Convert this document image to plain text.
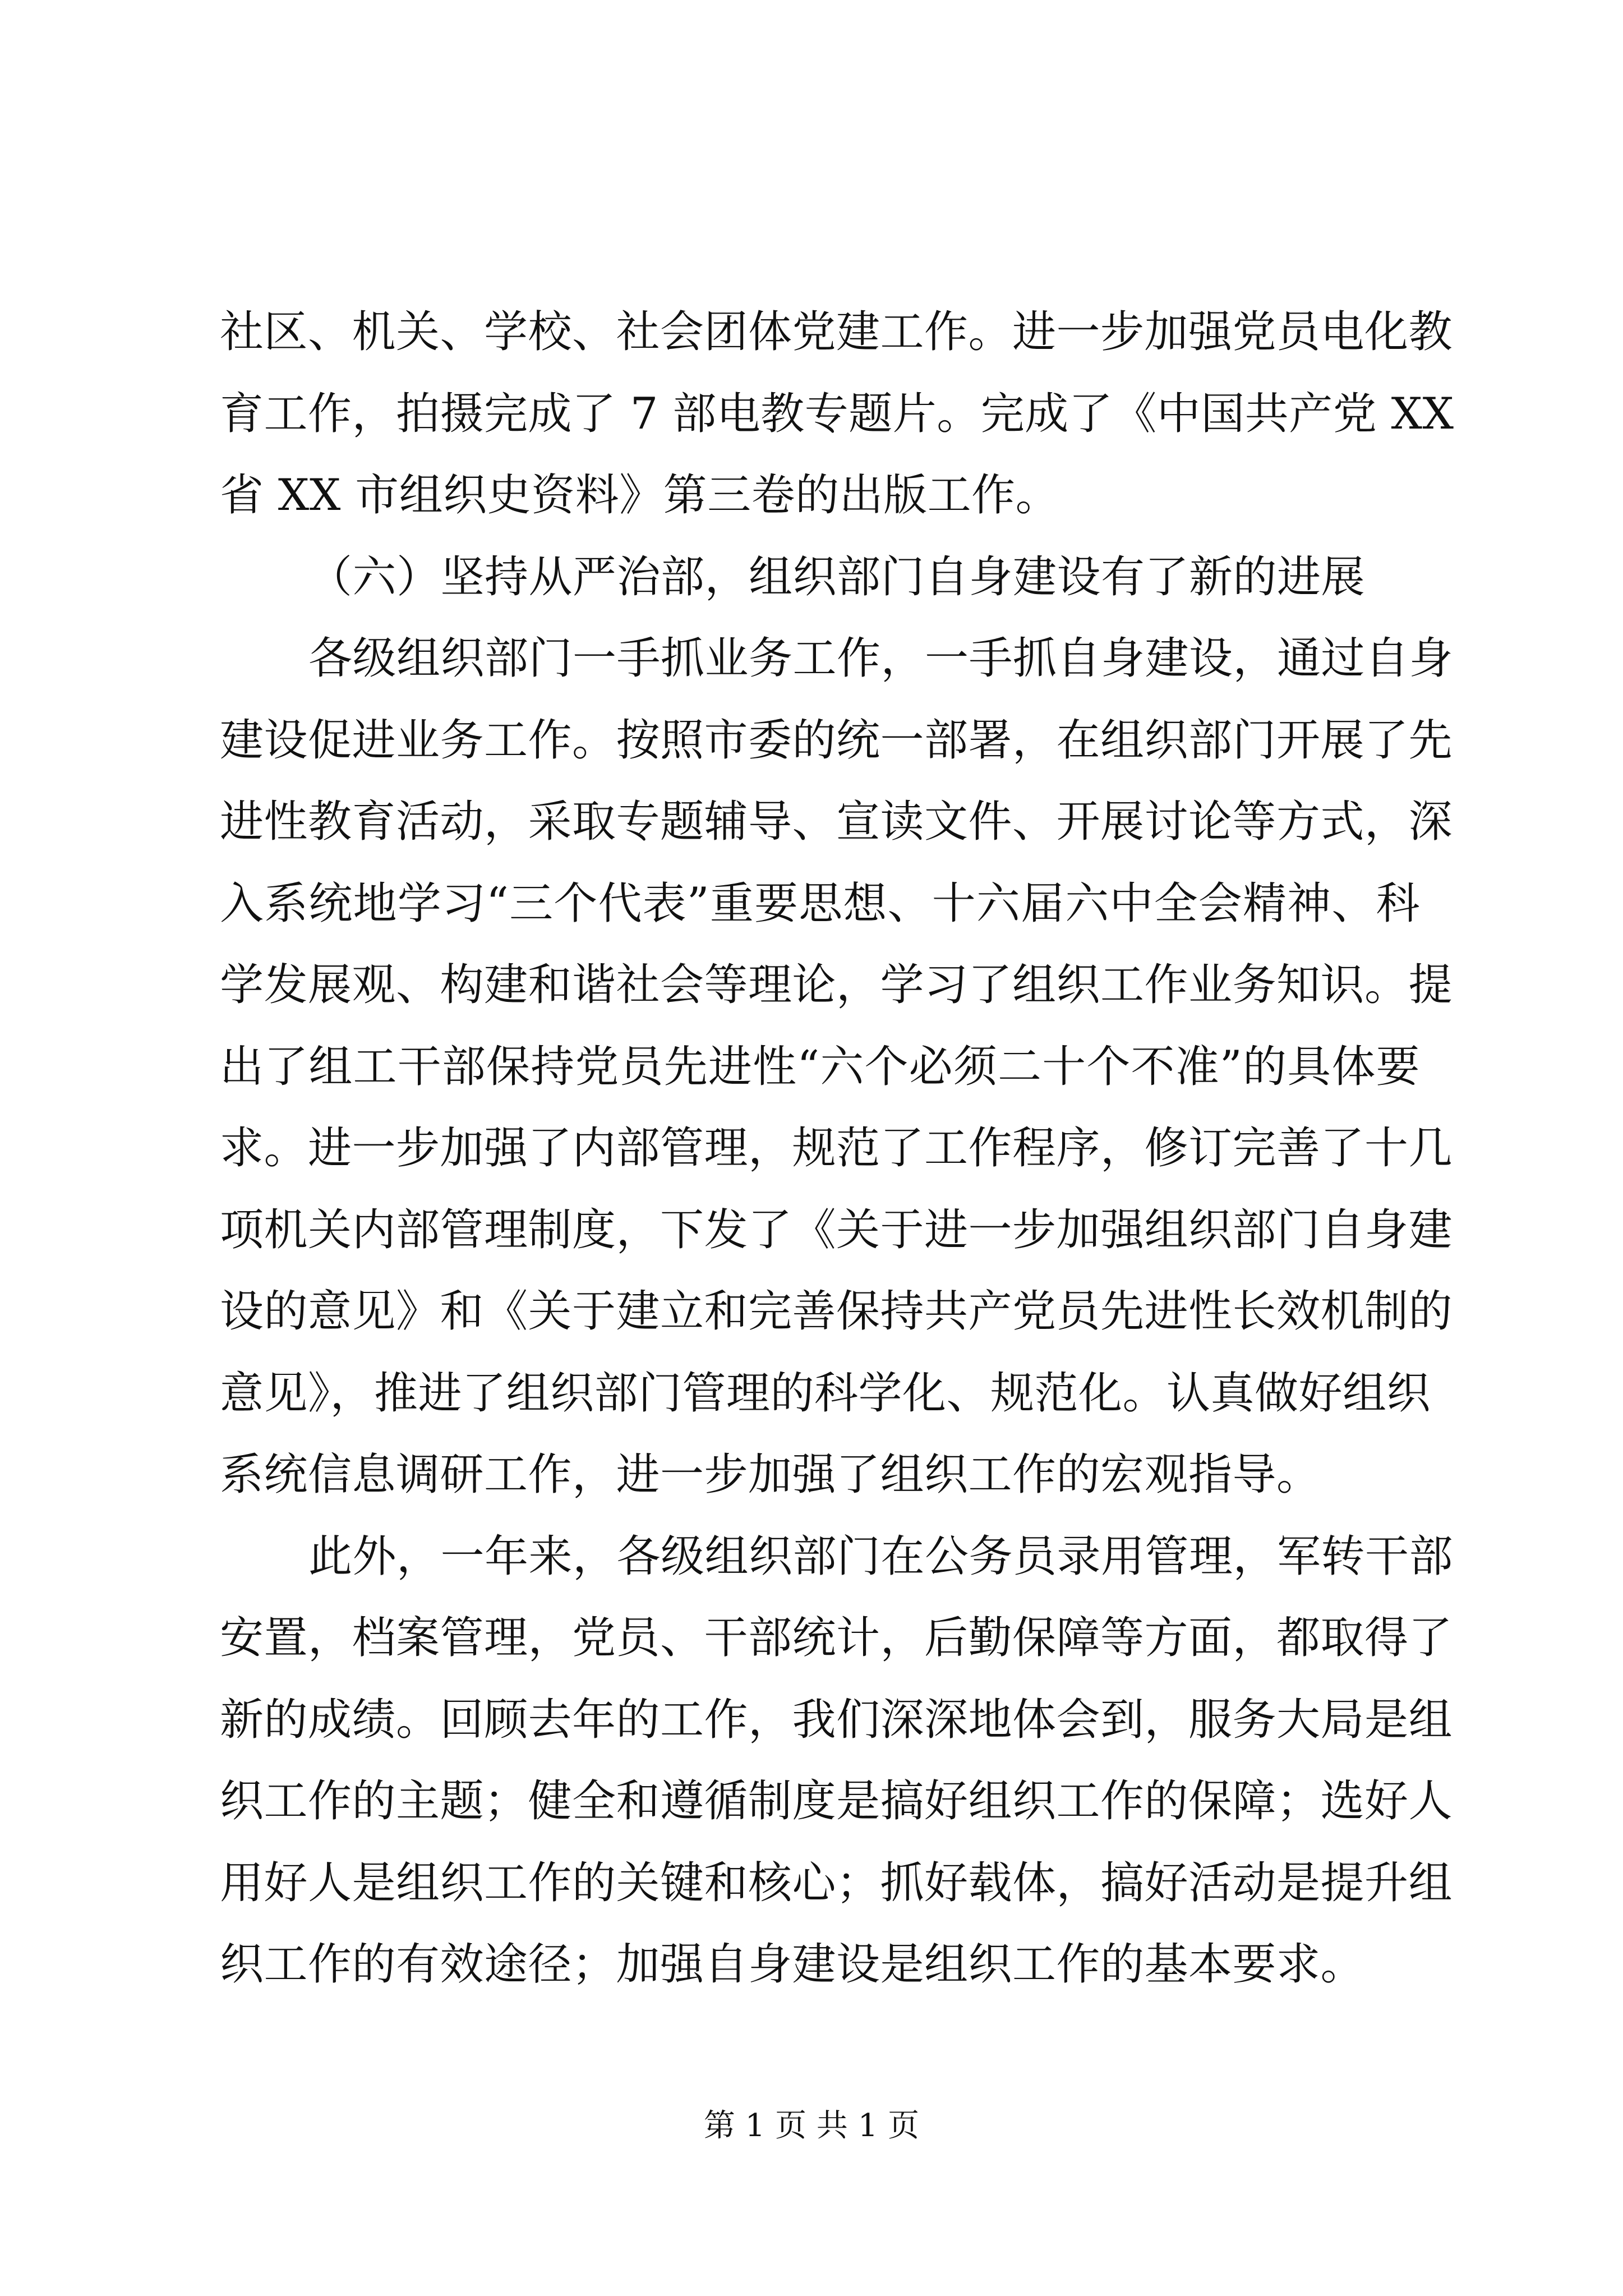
社区、机关、学校、社会团体党建工作。进一步加强党员电化教
育工作，拍摄完成了 7 部电教专题片。完成了《中国共产党 XX
省 XX 市组织史资料》第三卷的出版工作。
（六）坚持从严治部，组织部门自身建设有了新的进展
各级组织部门一手抓业务工作，一手抓自身建设，通过自身
建设促进业务工作。按照市委的统一部署，在组织部门开展了先
进性教育活动，采取专题辅导、宣读文件、开展讨论等方式，深
入系统地学习“三个代表”重要思想、十六届六中全会精神、科
学发展观、构建和谐社会等理论，学习了组织工作业务知识。提
出了组工干部保持党员先进性“六个必须二十个不准”的具体要
求。进一步加强了内部管理，规范了工作程序，修订完善了十几
项机关内部管理制度，下发了《关于进一步加强组织部门自身建
设的意见》和《关于建立和完善保持共产党员先进性长效机制的
意见》，推进了组织部门管理的科学化、规范化。认真做好组织
系统信息调研工作，进一步加强了组织工作的宏观指导。
此外，一年来，各级组织部门在公务员录用管理，军转干部
安置，档案管理，党员、干部统计，后勤保障等方面，都取得了
新的成绩。回顾去年的工作，我们深深地体会到，服务大局是组
织工作的主题；健全和遵循制度是搞好组织工作的保障；选好人
用好人是组织工作的关键和核心；抓好载体，搞好活动是提升组
织工作的有效途径；加强自身建设是组织工作的基本要求。
第 1 页 共 1 页
